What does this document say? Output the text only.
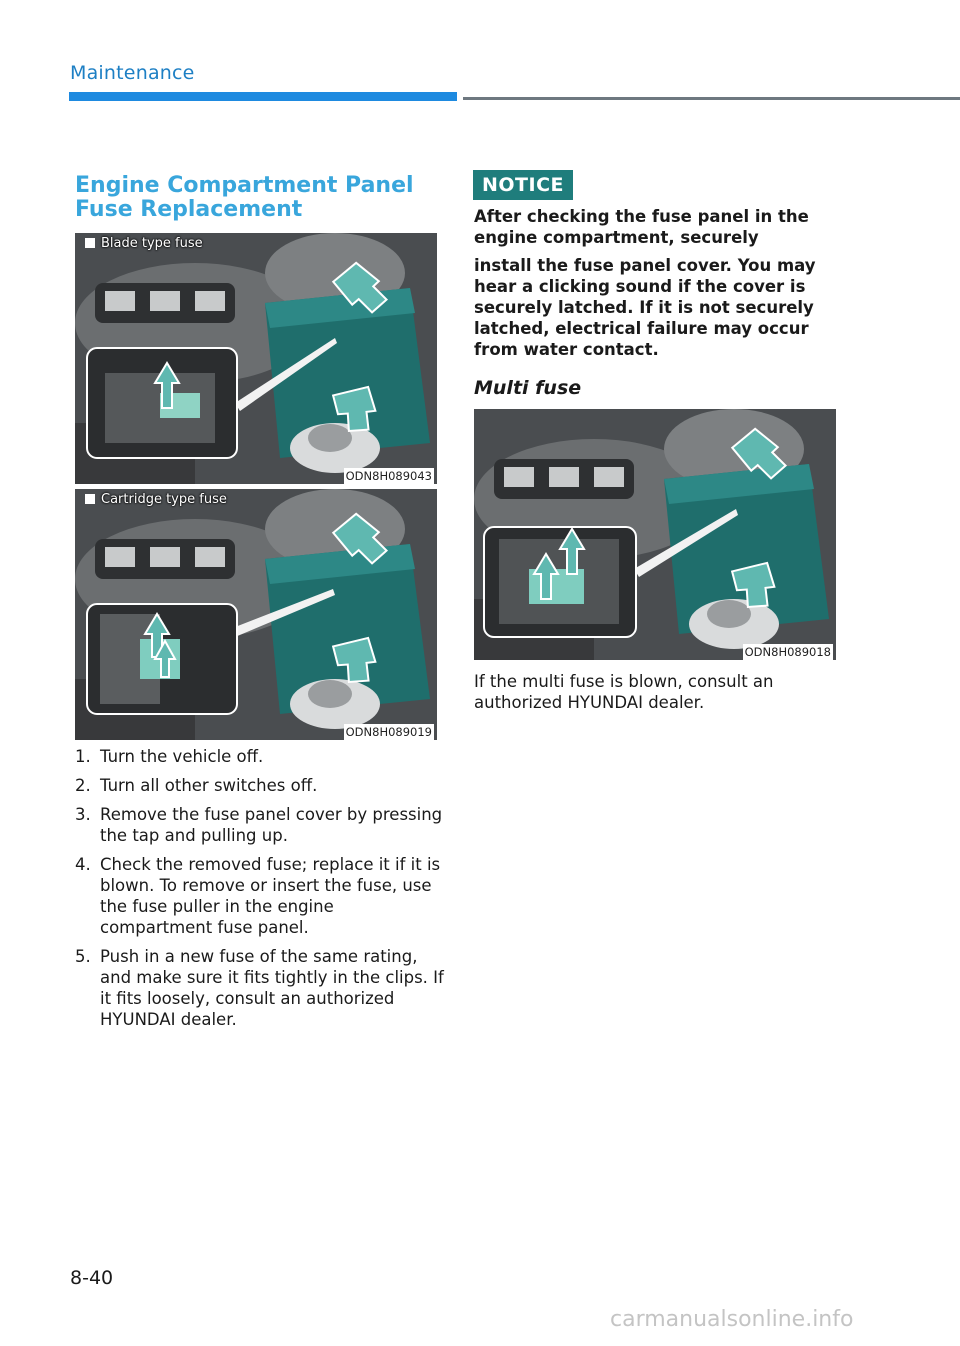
Maintenance
Engine Compartment Panel Fuse Replacement
Blade type fuse
ODN8H089043
Cartridge type fuse
ODN8H089019
1. Turn the vehicle off.
2. Turn all other switches off.
3. Remove the fuse panel cover by pressing the tap and pulling up.
4. Check the removed fuse; replace it if it is blown. To remove or insert the fuse, use the fuse puller in the engine compartment fuse panel.
5. Push in a new fuse of the same rating, and make sure it fits tightly in the clips. If it fits loosely, consult an authorized HYUNDAI dealer.
NOTICE

After checking the fuse panel in the engine compartment, securely

install the fuse panel cover. You may hear a clicking sound if the cover is securely latched. If it is not securely latched, electrical failure may occur from water contact.

Multi fuse
ODN8H089018
If the multi fuse is blown, consult an authorized HYUNDAI dealer.
8-40
carmanualsonline.info
